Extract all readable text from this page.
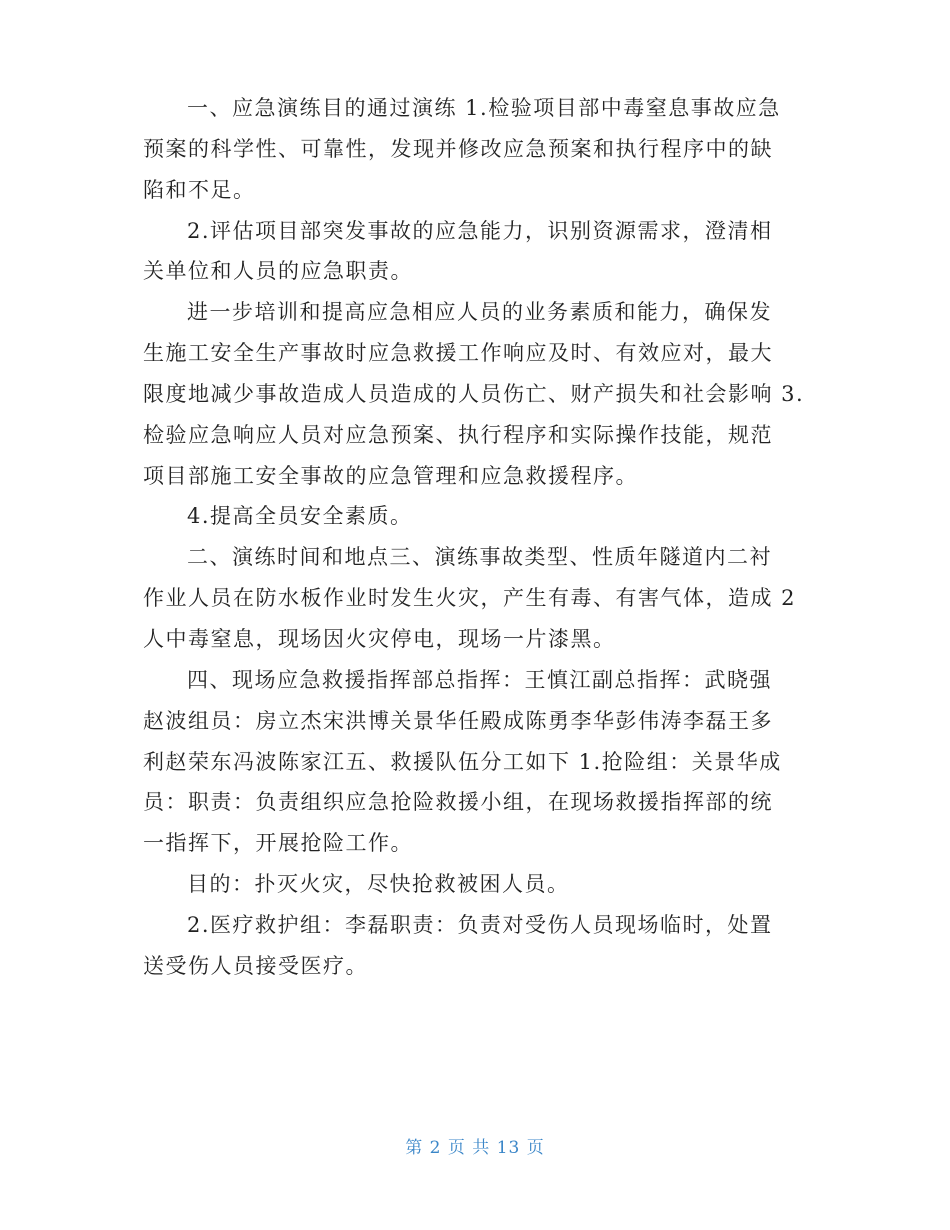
一、应急演练目的通过演练 1.检验项目部中毒窒息事故应急
预案的科学性、可靠性，发现并修改应急预案和执行程序中的缺
陷和不足。
2.评估项目部突发事故的应急能力，识别资源需求，澄清相
关单位和人员的应急职责。
进一步培训和提高应急相应人员的业务素质和能力，确保发
生施工安全生产事故时应急救援工作响应及时、有效应对，最大
限度地减少事故造成人员造成的人员伤亡、财产损失和社会影响 3.
检验应急响应人员对应急预案、执行程序和实际操作技能，规范
项目部施工安全事故的应急管理和应急救援程序。
4.提高全员安全素质。
二、演练时间和地点三、演练事故类型、性质年隧道内二衬
作业人员在防水板作业时发生火灾，产生有毒、有害气体，造成 2
人中毒窒息，现场因火灾停电，现场一片漆黑。
四、现场应急救援指挥部总指挥：王慎江副总指挥：武晓强
赵波组员：房立杰宋洪博关景华任殿成陈勇李华彭伟涛李磊王多
利赵荣东冯波陈家江五、救援队伍分工如下 1.抢险组：关景华成
员：职责：负责组织应急抢险救援小组，在现场救援指挥部的统
一指挥下，开展抢险工作。
目的：扑灭火灾，尽快抢救被困人员。
2.医疗救护组：李磊职责：负责对受伤人员现场临时，处置
送受伤人员接受医疗。
第 2 页 共 13 页
